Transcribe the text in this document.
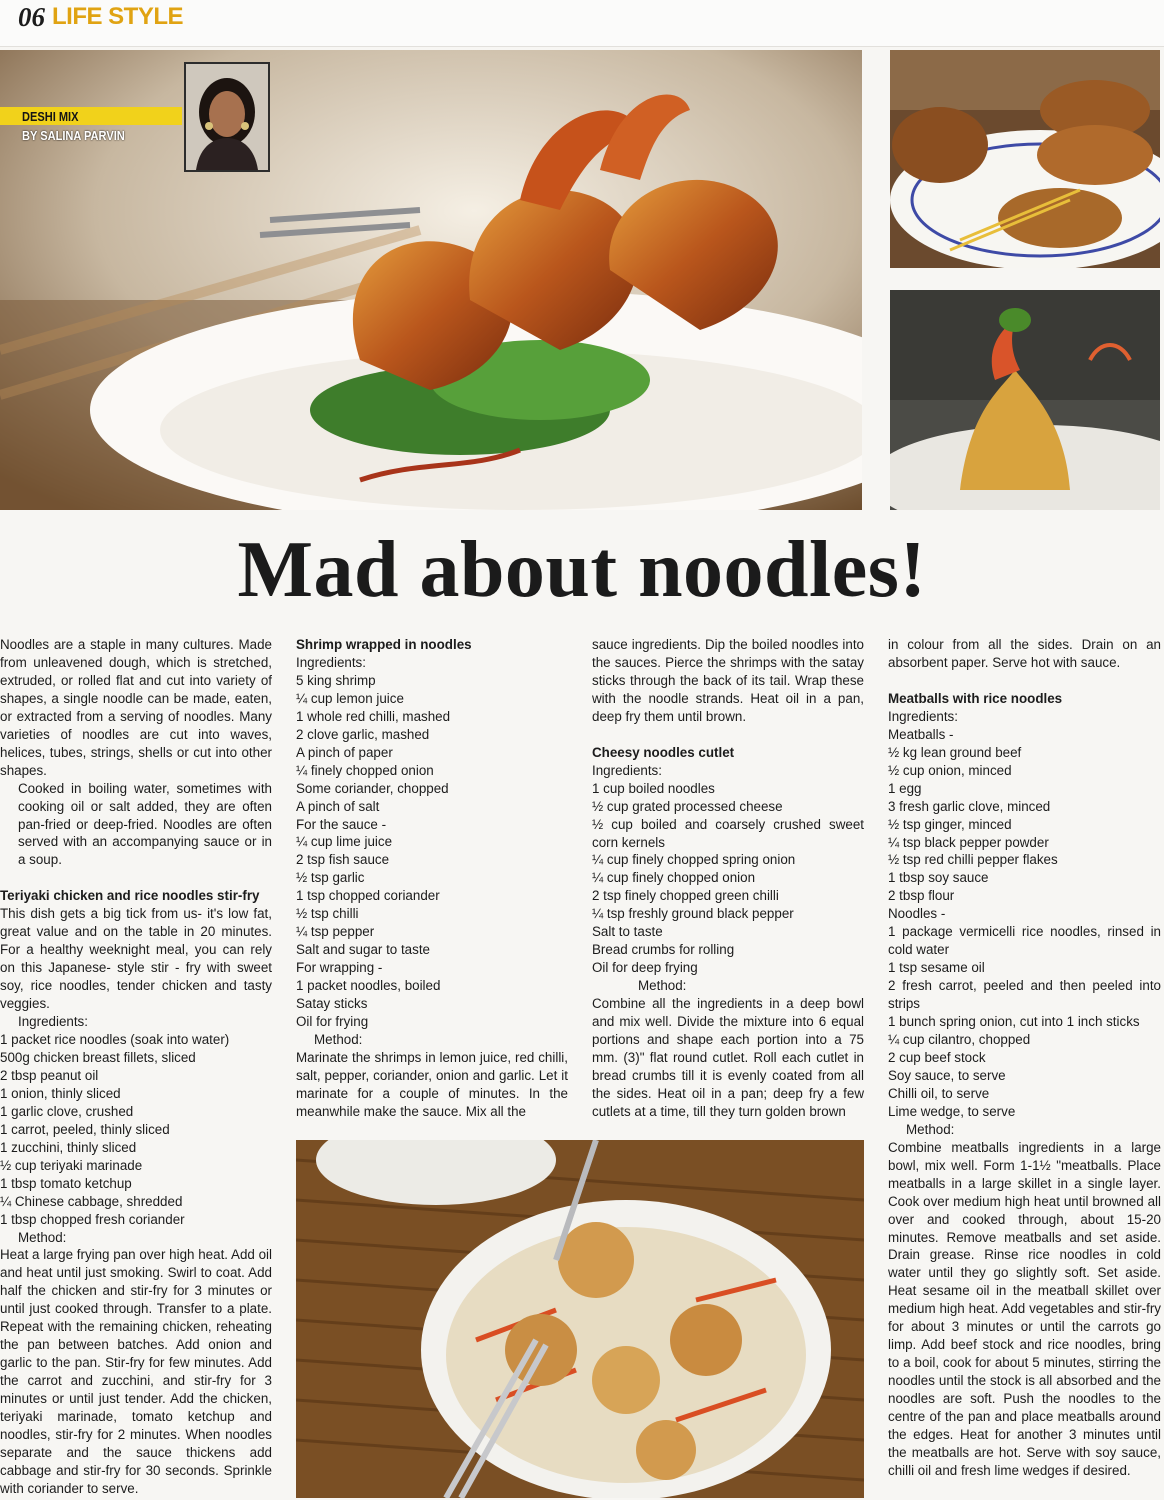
06 LIFE STYLE
DESHI MIX
BY SALINA PARVIN
Mad about noodles!

Noodles are a staple in many cultures. Made from unleavened dough, which is stretched, extruded, or rolled flat and cut into variety of shapes, a single noodle can be made, eaten, or extracted from a serving of noodles. Many varieties of noodles are cut into waves, helices, tubes, strings, shells or cut into other shapes.

Cooked in boiling water, sometimes with cooking oil or salt added, they are often pan-fried or deep-fried. Noodles are often served with an accompanying sauce or in a soup.

Teriyaki chicken and rice noodles stir-fry

This dish gets a big tick from us- it's low fat, great value and on the table in 20 minutes. For a healthy weeknight meal, you can rely on this Japanese- style stir - fry with sweet soy, rice noodles, tender chicken and tasty veggies.

Ingredients:
1 packet rice noodles (soak into water)
500g chicken breast fillets, sliced
2 tbsp peanut oil
1 onion, thinly sliced
1 garlic clove, crushed
1 carrot, peeled, thinly sliced
1 zucchini, thinly sliced
½ cup teriyaki marinade
1 tbsp tomato ketchup
¼ Chinese cabbage, shredded
1 tbsp chopped fresh coriander
Method:

Heat a large frying pan over high heat. Add oil and heat until just smoking. Swirl to coat. Add half the chicken and stir-fry for 3 minutes or until just cooked through. Transfer to a plate. Repeat with the remaining chicken, reheating the pan between batches. Add onion and garlic to the pan. Stir-fry for few minutes. Add the carrot and zucchini, and stir-fry for 3 minutes or until just tender. Add the chicken, teriyaki marinade, tomato ketchup and noodles, stir-fry for 2 minutes. When noodles separate and the sauce thickens add cabbage and stir-fry for 30 seconds. Sprinkle with coriander to serve.

Shrimp wrapped in noodles
Ingredients:
5 king shrimp
¼ cup lemon juice
1 whole red chilli, mashed
2 clove garlic, mashed
A pinch of paper
¼ finely chopped onion
Some coriander, chopped
A pinch of salt
For the sauce -
¼ cup lime juice
2 tsp fish sauce
½ tsp garlic
1 tsp chopped coriander
½ tsp chilli
¼ tsp pepper
Salt and sugar to taste
For wrapping -
1 packet noodles, boiled
Satay sticks
Oil for frying
Method:

Marinate the shrimps in lemon juice, red chilli, salt, pepper, coriander, onion and garlic. Let it marinate for a couple of minutes. In the meanwhile make the sauce. Mix all the

sauce ingredients. Dip the boiled noodles into the sauces. Pierce the shrimps with the satay sticks through the back of its tail. Wrap these with the noodle strands. Heat oil in a pan, deep fry them until brown.

Cheesy noodles cutlet
Ingredients:
1 cup boiled noodles
½ cup grated processed cheese

½ cup boiled and coarsely crushed sweet corn kernels

¼ cup finely chopped spring onion
¼ cup finely chopped onion
2 tsp finely chopped green chilli
¼ tsp freshly ground black pepper
Salt to taste
Bread crumbs for rolling
Oil for deep frying
Method:

Combine all the ingredients in a deep bowl and mix well. Divide the mixture into 6 equal portions and shape each portion into a 75 mm. (3)" flat round cutlet. Roll each cutlet in bread crumbs till it is evenly coated from all the sides. Heat oil in a pan; deep fry a few cutlets at a time, till they turn golden brown

in colour from all the sides. Drain on an absorbent paper. Serve hot with sauce.

Meatballs with rice noodles
Ingredients:
Meatballs -
½ kg lean ground beef
½ cup onion, minced
1 egg
3 fresh garlic clove, minced
½ tsp ginger, minced
¼ tsp black pepper powder
½ tsp red chilli pepper flakes
1 tbsp soy sauce
2 tbsp flour
Noodles -

1 package vermicelli rice noodles, rinsed in cold water

1 tsp sesame oil

2 fresh carrot, peeled and then peeled into strips

1 bunch spring onion, cut into 1 inch sticks
¼ cup cilantro, chopped
2 cup beef stock
Soy sauce, to serve
Chilli oil, to serve
Lime wedge, to serve
Method:

Combine meatballs ingredients in a large bowl, mix well. Form 1-1½ "meatballs. Place meatballs in a large skillet in a single layer. Cook over medium high heat until browned all over and cooked through, about 15-20 minutes. Remove meatballs and set aside. Drain grease. Rinse rice noodles in cold water until they go slightly soft. Set aside. Heat sesame oil in the meatball skillet over medium high heat. Add vegetables and stir-fry for about 3 minutes or until the carrots go limp. Add beef stock and rice noodles, bring to a boil, cook for about 5 minutes, stirring the noodles until the stock is all absorbed and the noodles are soft. Push the noodles to the centre of the pan and place meatballs around the edges. Heat for another 3 minutes until the meatballs are hot. Serve with soy sauce, chilli oil and fresh lime wedges if desired.
